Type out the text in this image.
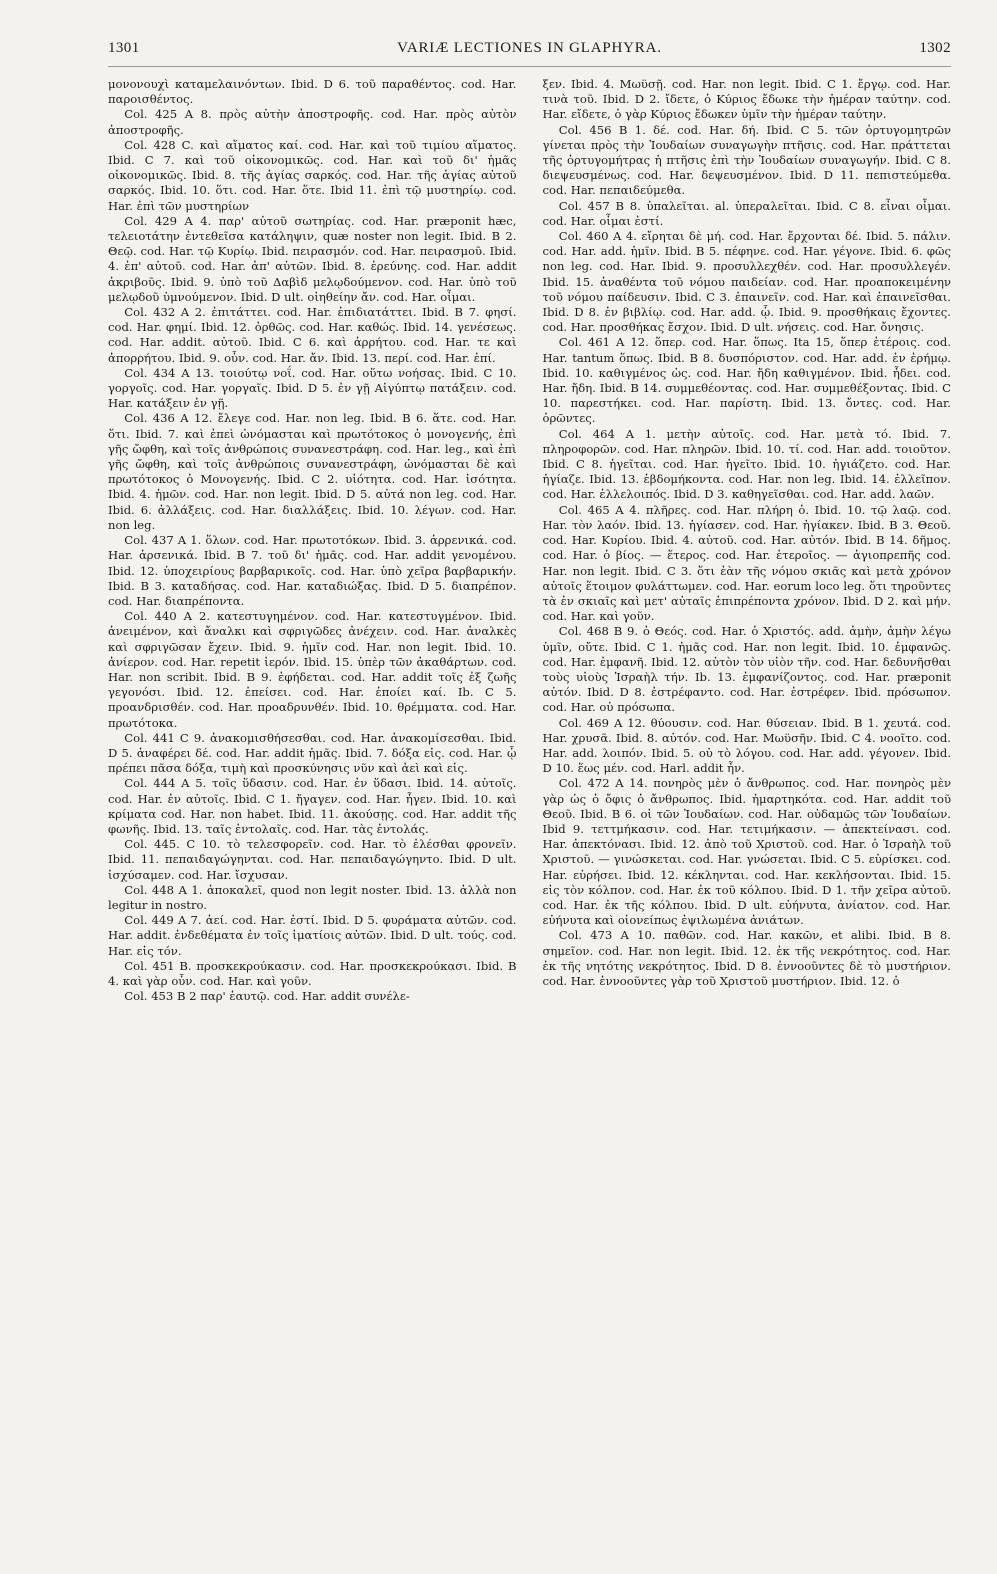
1301	VARIÆ LECTIONES IN GLAPHYRA.	1302

μονονουχὶ καταμελαινόντων. Ibid. D 6. τοῦ παραθέντος. cod. Har. παροισθέντος.

Col. 425 A 8. πρὸς αὐτὴν ἀποστροφῆς. cod. Har. πρὸς αὐτὸν ἀποστροφῆς.

Col. 428 C. καὶ αἵματος καί. cod. Har. καὶ τοῦ τιμίου αἵματος. Ibid. C 7. καὶ τοῦ οἰκονομικῶς. cod. Har. καὶ τοῦ δι' ἡμᾶς οἰκονομικῶς. Ibid. 8. τῆς ἁγίας σαρκός. cod. Har. τῆς ἁγίας αὐτοῦ σαρκός. Ibid. 10. ὅτι. cod. Har. ὅτε. Ibid 11. ἐπὶ τῷ μυστηρίῳ. cod. Har. ἐπὶ τῶν μυστηρίων

Col. 429 A 4. παρ' αὐτοῦ σωτηρίας. cod. Har. præponit hæc, τελειοτάτην ἐντεθεῖσα κατάληψιν, quæ noster non legit. Ibid. B 2. Θεῷ. cod. Har. τῷ Κυρίῳ. Ibid. πειρασμόν. cod. Har. πειρασμοῦ. Ibid. 4. ἐπ' αὐτοῦ. cod. Har. ἀπ' αὐτῶν. Ibid. 8. ἐρεύνης. cod. Har. addit ἀκριβοῦς. Ibid. 9. ὑπὸ τοῦ Δαβὶδ μελῳδούμενον. cod. Har. ὑπὸ τοῦ μελῳδοῦ ὑμνούμενον. Ibid. D ult. οἰηθείην ἄν. cod. Har. οἶμαι.

Col. 432 A 2. ἐπιτάττει. cod. Har. ἐπιδιατάττει. Ibid. B 7. φησί. cod. Har. φημί. Ibid. 12. ὀρθῶς. cod. Har. καθώς. Ibid. 14. γενέσεως. cod. Har. addit. αὐτοῦ. Ibid. C 6. καὶ ἀρρήτου. cod. Har. τε καὶ ἀπορρήτου. Ibid. 9. οὖν. cod. Har. ἄν. Ibid. 13. περί. cod. Har. ἐπί.

Col. 434 A 13. τοιούτῳ νοΐ. cod. Har. οὕτω νοήσας. Ibid. C 10. γοργοῖς. cod. Har. γοργαῖς. Ibid. D 5. ἐν γῇ Αἰγύπτῳ πατάξειν. cod. Har. κατάξειν ἐν γῇ.

Col. 436 A 12. ἔλεγε cod. Har. non leg. Ibid. B 6. ἅτε. cod. Har. ὅτι. Ibid. 7. καὶ ἐπεὶ ὠνόμασται καὶ πρωτότοκος ὁ μονογενής, ἐπὶ γῆς ὤφθη, καὶ τοῖς ἀνθρώποις συνανεστράφη. cod. Har. leg., καὶ ἐπὶ γῆς ὤφθη, καὶ τοῖς ἀνθρώποις συνανεστράφη, ὠνόμασται δὲ καὶ πρωτότοκος ὁ Μονογενής. Ibid. C 2. υἱότητα. cod. Har. ἰσότητα. Ibid. 4. ἡμῶν. cod. Har. non legit. Ibid. D 5. αὐτά non leg. cod. Har. Ibid. 6. ἀλλάξεις. cod. Har. διαλλάξεις. Ibid. 10. λέγων. cod. Har. non leg.

Col. 437 A 1. ὅλων. cod. Har. πρωτοτόκων. Ibid. 3. ἀρρενικά. cod. Har. ἀρσενικά. Ibid. B 7. τοῦ δι' ἡμᾶς. cod. Har. addit γενομένου. Ibid. 12. ὑποχειρίους βαρβαρικοῖς. cod. Har. ὑπὸ χεῖρα βαρβαρικήν. Ibid. B 3. καταδήσας. cod. Har. καταδιώξας. Ibid. D 5. διαπρέπον. cod. Har. διαπρέποντα.

Col. 440 A 2. κατεστυγημένον. cod. Har. κατεστυγμένον. Ibid. ἀνειμένον, καὶ ἄναλκι καὶ σφριγῶδες ἀνέχειν. cod. Har. ἀναλκὲς καὶ σφριγῶσαν ἔχειν. Ibid. 9. ἡμῖν cod. Har. non legit. Ibid. 10. ἀνίερον. cod. Har. repetit ἱερόν. Ibid. 15. ὑπὲρ τῶν ἀκαθάρτων. cod. Har. non scribit. Ibid. B 9. ἐφήδεται. cod. Har. addit τοῖς ἐξ ζωῆς γεγονόσι. Ibid. 12. ἐπείσει. cod. Har. ἐποίει καί. Ib. C 5. προανδρισθέν. cod. Har. προαδρυνθέν. Ibid. 10. θρέμματα. cod. Har. πρωτότοκα.

Col. 441 C 9. ἀνακομισθήσεσθαι. cod. Har. ἀνακομίσεσθαι. Ibid. D 5. ἀναφέρει δέ. cod. Har. addit ἡμᾶς. Ibid. 7. δόξα εἰς. cod. Har. ᾧ πρέπει πᾶσα δόξα, τιμὴ καὶ προσκύνησις νῦν καὶ ἀεὶ καὶ εἰς.

Col. 444 A 5. τοῖς ὕδασιν. cod. Har. ἐν ὕδασι. Ibid. 14. αὐτοῖς. cod. Har. ἐν αὐτοῖς. Ibid. C 1. ἤγαγεν. cod. Har. ἦγεν. Ibid. 10. καὶ κρίματα cod. Har. non habet. Ibid. 11. ἀκούσῃς. cod. Har. addit τῆς φωνῆς. Ibid. 13. ταῖς ἐντολαῖς. cod. Har. τὰς ἐντολάς.

Col. 445. C 10. τὸ τελεσφορεῖν. cod. Har. τὸ ἐλέσθαι φρονεῖν. Ibid. 11. πεπαιδαγώγηνται. cod. Har. πεπαιδαγώγηντο. Ibid. D ult. ἰσχύσαμεν. cod. Har. ἴσχυσαν.

Col. 448 A 1. ἀποκαλεῖ, quod non legit noster. Ibid. 13. ἀλλὰ non legitur in nostro.

Col. 449 A 7. ἀεί. cod. Har. ἐστί. Ibid. D 5. φυράματα αὐτῶν. cod. Har. addit. ἐνδεθέματα ἐν τοῖς ἱματίοις αὐτῶν. Ibid. D ult. τούς. cod. Har. εἰς τόν.

Col. 451 B. προσκεκρούκασιν. cod. Har. προσκεκρούκασι. Ibid. B 4. καὶ γὰρ οὖν. cod. Har. καὶ γοῦν.

Col. 453 B 2 παρ' ἑαυτῷ. cod. Har. addit συνέλε-

ξεν. Ibid. 4. Μωϋσῇ. cod. Har. non legit. Ibid. C 1. ἔργῳ. cod. Har. τινὰ τοῦ. Ibid. D 2. ἴδετε, ὁ Κύριος ἔδωκε τὴν ἡμέραν ταύτην. cod. Har. εἴδετε, ὁ γὰρ Κύριος ἔδωκεν ὑμῖν τὴν ἡμέραν ταύτην.

Col. 456 B 1. δέ. cod. Har. δή. Ibid. C 5. τῶν ὀρτυγομητρῶν γίνεται πρὸς τὴν Ἰουδαίων συναγωγὴν πτῆσις. cod. Har. πράττεται τῆς ὀρτυγομήτρας ἡ πτῆσις ἐπὶ τὴν Ἰουδαίων συναγωγήν. Ibid. C 8. διεψευσμένως. cod. Har. δεψευσμένον. Ibid. D 11. πεπιστεύμεθα. cod. Har. πεπαιδεύμεθα.

Col. 457 B 8. ὑπαλεῖται. al. ὑπεραλεῖται. Ibid. C 8. εἶναι οἶμαι. cod. Har. οἶμαι ἐστί.

Col. 460 A 4. εἴρηται δὲ μή. cod. Har. ἔρχονται δέ. Ibid. 5. πάλιν. cod. Har. add. ἡμῖν. Ibid. B 5. πέφηνε. cod. Har. γέγονε. Ibid. 6. φῶς non leg. cod. Har. Ibid. 9. προσυλλεχθέν. cod. Har. προσυλλεγέν. Ibid. 15. ἀναθέντα τοῦ νόμου παιδείαν. cod. Har. προαποκειμένην τοῦ νόμου παίδευσιν. Ibid. C 3. ἐπαινεῖν. cod. Har. καὶ ἐπαινεῖσθαι. Ibid. D 8. ἐν βιβλίῳ. cod. Har. add. ᾧ. Ibid. 9. προσθήκαις ἔχοντες. cod. Har. προσθήκας ἔσχον. Ibid. D ult. νήσεις. cod. Har. ὄνησις.

Col. 461 A 12. ὅπερ. cod. Har. ὅπως. Ita 15, ὅπερ ἑτέροις. cod. Har. tantum ὅπως. Ibid. B 8. δυσπόριστον. cod. Har. add. ἐν ἐρήμῳ. Ibid. 10. καθιγμένος ὡς. cod. Har. ἤδη καθιγμένον. Ibid. ἦδει. cod. Har. ἤδη. Ibid. B 14. συμμεθέοντας. cod. Har. συμμεθέξοντας. Ibid. C 10. παρεστήκει. cod. Har. παρίστη. Ibid. 13. ὄντες. cod. Har. ὁρῶντες.

Col. 464 A 1. μετὴν αὐτοῖς. cod. Har. μετὰ τό. Ibid. 7. πληροφορῶν. cod. Har. πληρῶν. Ibid. 10. τί. cod. Har. add. τοιοῦτον. Ibid. C 8. ἡγεῖται. cod. Har. ἡγεῖτο. Ibid. 10. ἡγιάζετο. cod. Har. ἡγίαζε. Ibid. 13. ἑβδομήκοντα. cod. Har. non leg. Ibid. 14. ἐλλεῖπον. cod. Har. ἐλλελοιπός. Ibid. D 3. καθηγεῖσθαι. cod. Har. add. λαῶν.

Col. 465 A 4. πλῆρες. cod. Har. πλήρη ὁ. Ibid. 10. τῷ λαῷ. cod. Har. τὸν λαόν. Ibid. 13. ἡγίασεν. cod. Har. ἡγίακεν. Ibid. B 3. Θεοῦ. cod. Har. Κυρίου. Ibid. 4. αὐτοῦ. cod. Har. αὐτόν. Ibid. B 14. δῆμος. cod. Har. ὁ βίος. — ἕτερος. cod. Har. ἑτεροῖος. — ἀγιοπρεπῆς cod. Har. non legit. Ibid. C 3. ὅτι ἐὰν τῆς νόμου σκιᾶς καὶ μετὰ χρόνον αὐτοῖς ἕτοιμον φυλάττωμεν. cod. Har. eorum loco leg. ὅτι τηροῦντες τὰ ἐν σκιαῖς καὶ μετ' αὐταῖς ἐπιπρέποντα χρόνον. Ibid. D 2. καὶ μήν. cod. Har. καὶ γοῦν.

Col. 468 B 9. ὁ Θεός. cod. Har. ὁ Χριστός. add. ἀμὴν, ἀμὴν λέγω ὑμῖν, οὔτε. Ibid. C 1. ἡμᾶς cod. Har. non legit. Ibid. 10. ἐμφανῶς. cod. Har. ἐμφανῆ. Ibid. 12. αὐτὸν τὸν υἱὸν τῆν. cod. Har. δεδυνῆσθαι τοὺς υἱοὺς Ἰσραὴλ τήν. Ib. 13. ἐμφανίζοντος. cod. Har. præponit αὐτόν. Ibid. D 8. ἐστρέφαντο. cod. Har. ἐστρέφεν. Ibid. πρόσωπον. cod. Har. οὐ πρόσωπα.

Col. 469 A 12. θύουσιν. cod. Har. θύσειαν. Ibid. B 1. χευτά. cod. Har. χρυσᾶ. Ibid. 8. αὐτόν. cod. Har. Μωϋσῆν. Ibid. C 4. νοοῖτο. cod. Har. add. λοιπόν. Ibid. 5. οὐ τὸ λόγου. cod. Har. add. γέγονεν. Ibid. D 10. ἕως μέν. cod. Harl. addit ἦν.

Col. 472 A 14. πονηρὸς μὲν ὁ ἄνθρωπος. cod. Har. πονηρὸς μὲν γὰρ ὡς ὁ ὄφις ὁ ἄνθρωπος. Ibid. ἡμαρτηκότα. cod. Har. addit τοῦ Θεοῦ. Ibid. B 6. οἱ τῶν Ἰουδαίων. cod. Har. οὐδαμῶς τῶν Ἰουδαίων. Ibid 9. τεττμήκασιν. cod. Har. τετιμήκασιν. — ἀπεκτείνασι. cod. Har. ἀπεκτόνασι. Ibid. 12. ἀπὸ τοῦ Χριστοῦ. cod. Har. ὁ Ἰσραὴλ τοῦ Χριστοῦ. — γινώσκεται. cod. Har. γνώσεται. Ibid. C 5. εὑρίσκει. cod. Har. εὑρήσει. Ibid. 12. κέκληνται. cod. Har. κεκλήσονται. Ibid. 15. εἰς τὸν κόλπον. cod. Har. ἐκ τοῦ κόλπου. Ibid. D 1. τῆν χεῖρα αὐτοῦ. cod. Har. ἐκ τῆς κόλπου. Ibid. D ult. εὐήνυτα, ἀνίατον. cod. Har. εὐήνυτα καὶ οἰονείπως ἐψιλωμένα ἀνιάτων.

Col. 473 A 10. παθῶν. cod. Har. κακῶν, et alibi. Ibid. B 8. σημεῖον. cod. Har. non legit. Ibid. 12. ἐκ τῆς νεκρότητος. cod. Har. ἐκ τῆς νητότης νεκρότητος. Ibid. D 8. ἐννοοῦντες δὲ τὸ μυστήριον. cod. Har. ἐννοοῦντες γὰρ τοῦ Χριστοῦ μυστήριον. Ibid. 12. ὁ
